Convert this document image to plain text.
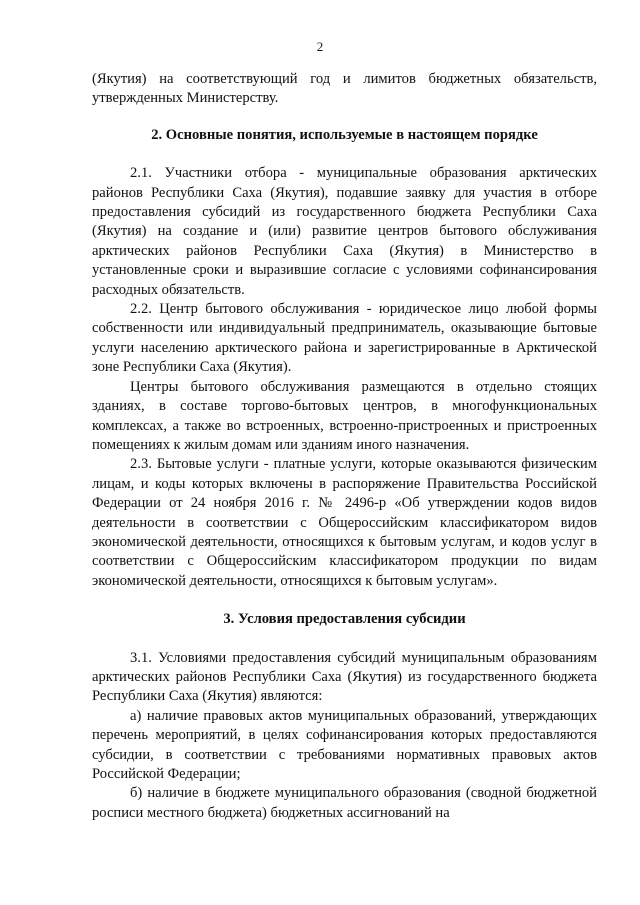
2

(Якутия) на соответствующий год и лимитов бюджетных обязательств, утвержденных Министерству.

2. Основные понятия, используемые в настоящем порядке

2.1. Участники отбора - муниципальные образования арктических районов Республики Саха (Якутия), подавшие заявку для участия в отборе предоставления субсидий из государственного бюджета Республики Саха (Якутия) на создание и (или) развитие центров бытового обслуживания арктических районов Республики Саха (Якутия) в Министерство в установленные сроки и выразившие согласие с условиями софинансирования расходных обязательств.

2.2. Центр бытового обслуживания - юридическое лицо любой формы собственности или индивидуальный предприниматель, оказывающие бытовые услуги населению арктического района и зарегистрированные в Арктической зоне Республики Саха (Якутия).

Центры бытового обслуживания размещаются в отдельно стоящих зданиях, в составе торгово-бытовых центров, в многофункциональных комплексах, а также во встроенных, встроенно-пристроенных и пристроенных помещениях к жилым домам или зданиям иного назначения.

2.3. Бытовые услуги - платные услуги, которые оказываются физическим лицам, и коды которых включены в распоряжение Правительства Российской Федерации от 24 ноября 2016 г. № 2496-р «Об утверждении кодов видов деятельности в соответствии с Общероссийским классификатором видов экономической деятельности, относящихся к бытовым услугам, и кодов услуг в соответствии с Общероссийским классификатором продукции по видам экономической деятельности, относящихся к бытовым услугам».

3. Условия предоставления субсидии

3.1. Условиями предоставления субсидий муниципальным образованиям арктических районов Республики Саха (Якутия) из государственного бюджета Республики Саха (Якутия) являются:

а) наличие правовых актов муниципальных образований, утверждающих перечень мероприятий, в целях софинансирования которых предоставляются субсидии, в соответствии с требованиями нормативных правовых актов Российской Федерации;

б) наличие в бюджете муниципального образования (сводной бюджетной росписи местного бюджета) бюджетных ассигнований на
